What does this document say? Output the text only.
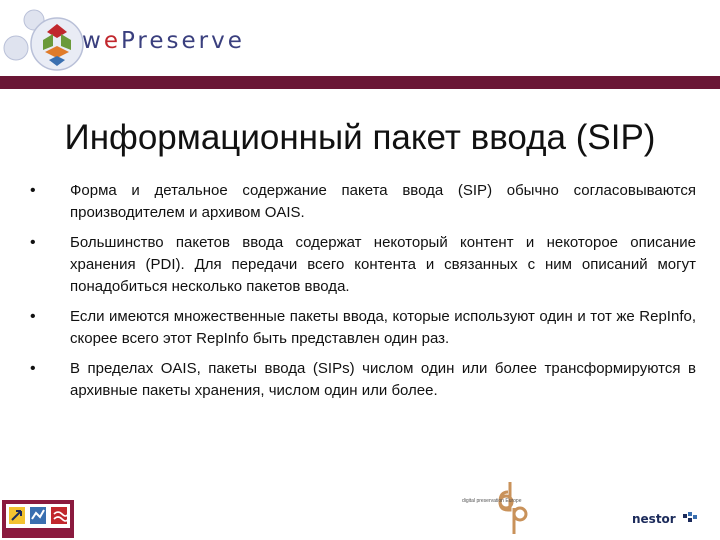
wePreserve
Информационный пакет ввода (SIP)
• Форма и детальное содержание пакета ввода (SIP) обычно согласовываются производителем и архивом OAIS.
• Большинство пакетов ввода содержат некоторый контент и некоторое описание хранения (PDI). Для передачи всего контента и связанных с ним описаний могут понадобиться несколько пакетов ввода.
• Если имеются множественные пакеты ввода, которые используют один и тот же RepInfo, скорее всего этот RepInfo быть представлен один раз.
• В пределах OAIS, пакеты ввода (SIPs) числом один или более трансформируются в архивные пакеты хранения, числом один или более.
digital preservation Europe
nestor
